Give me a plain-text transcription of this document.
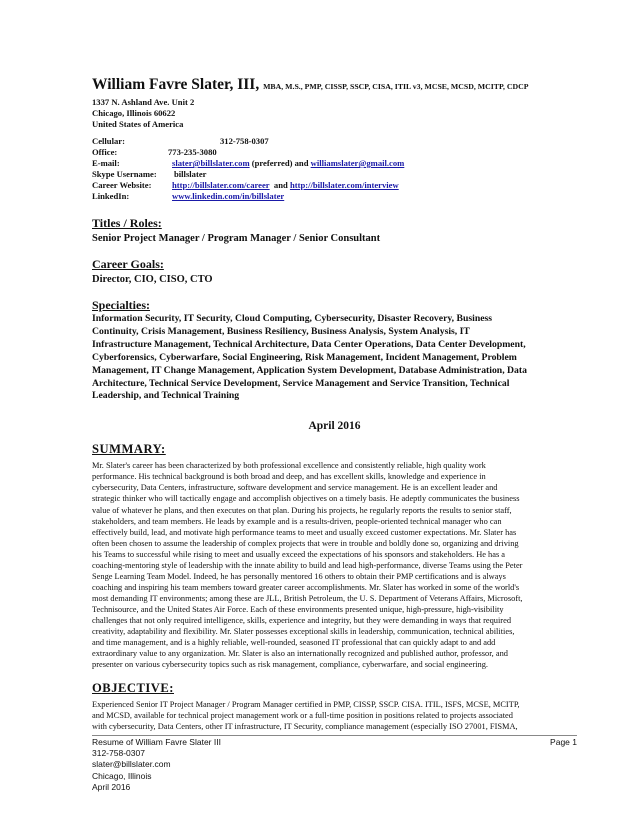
William Favre Slater, III, MBA, M.S., PMP, CISSP, SSCP, CISA, ITIL v3, MCSE, MCSD, MCITP, CDCP
1337 N. Ashland Ave. Unit 2
Chicago, Illinois 60622
United States of America
Cellular:	312-758-0307
Office:	773-235-3080
E-mail:	slater@billslater.com (preferred) and williamslater@gmail.com
Skype Username:	billslater
Career Website:	http://billslater.com/career and http://billslater.com/interview
LinkedIn:	www.linkedin.com/in/billslater
Titles / Roles:
Senior Project Manager / Program Manager / Senior Consultant
Career Goals:
Director, CIO, CISO, CTO
Specialties:
Information Security, IT Security, Cloud Computing, Cybersecurity, Disaster Recovery, Business
Continuity, Crisis Management, Business Resiliency, Business Analysis, System Analysis, IT
Infrastructure Management, Technical Architecture, Data Center Operations, Data Center Development,
Cyberforensics, Cyberwarfare, Social Engineering, Risk Management, Incident Management, Problem
Management, IT Change Management, Application System Development, Database Administration, Data
Architecture, Technical Service Development, Service Management and Service Transition, Technical
Leadership, and Technical Training
April 2016
SUMMARY:
Mr. Slater's career has been characterized by both professional excellence and consistently reliable, high quality work
performance. His technical background is both broad and deep, and has excellent skills, knowledge and experience in
cybersecurity, Data Centers, infrastructure, software development and service management. He is an excellent leader and
strategic thinker who will tactically engage and accomplish objectives on a timely basis. He adeptly communicates the business
value of whatever he plans, and then executes on that plan. During his projects, he regularly reports the results to senior staff,
stakeholders, and team members. He leads by example and is a results-driven, people-oriented technical manager who can
effectively build, lead, and motivate high performance teams to meet and usually exceed customer expectations. Mr. Slater has
often been chosen to assume the leadership of complex projects that were in trouble and boldly done so, organizing and driving
his Teams to successful while rising to meet and usually exceed the expectations of his sponsors and stakeholders. He has a
coaching-mentoring style of leadership with the innate ability to build and lead high-performance, diverse Teams using the Peter
Senge Learning Team Model. Indeed, he has personally mentored 16 others to obtain their PMP certifications and is always
coaching and inspiring his team members toward greater career accomplishments. Mr. Slater has worked in some of the world's
most demanding IT environments; among these are JLL, British Petroleum, the U. S. Department of Veterans Affairs, Microsoft,
Technisource, and the United States Air Force. Each of these environments presented unique, high-pressure, high-visibility
challenges that not only required intelligence, skills, experience and integrity, but they were demanding in ways that required
creativity, adaptability and flexibility. Mr. Slater possesses exceptional skills in leadership, communication, technical abilities,
and time management, and is a highly reliable, well-rounded, seasoned IT professional that can quickly adapt to and add
extraordinary value to any organization. Mr. Slater is also an internationally recognized and published author, professor, and
presenter on various cybersecurity topics such as risk management, compliance, cyberwarfare, and social engineering.
OBJECTIVE:
Experienced Senior IT Project Manager / Program Manager certified in PMP, CISSP, SSCP. CISA. ITIL, ISFS, MCSE, MCITP,
and MCSD, available for technical project management work or a full-time position in positions related to projects associated
with cybersecurity, Data Centers, other IT infrastructure, IT Security, compliance management (especially ISO 27001, FISMA,
Resume of William Favre Slater III	Page 1
312-758-0307
slater@billslater.com
Chicago, Illinois
April 2016
